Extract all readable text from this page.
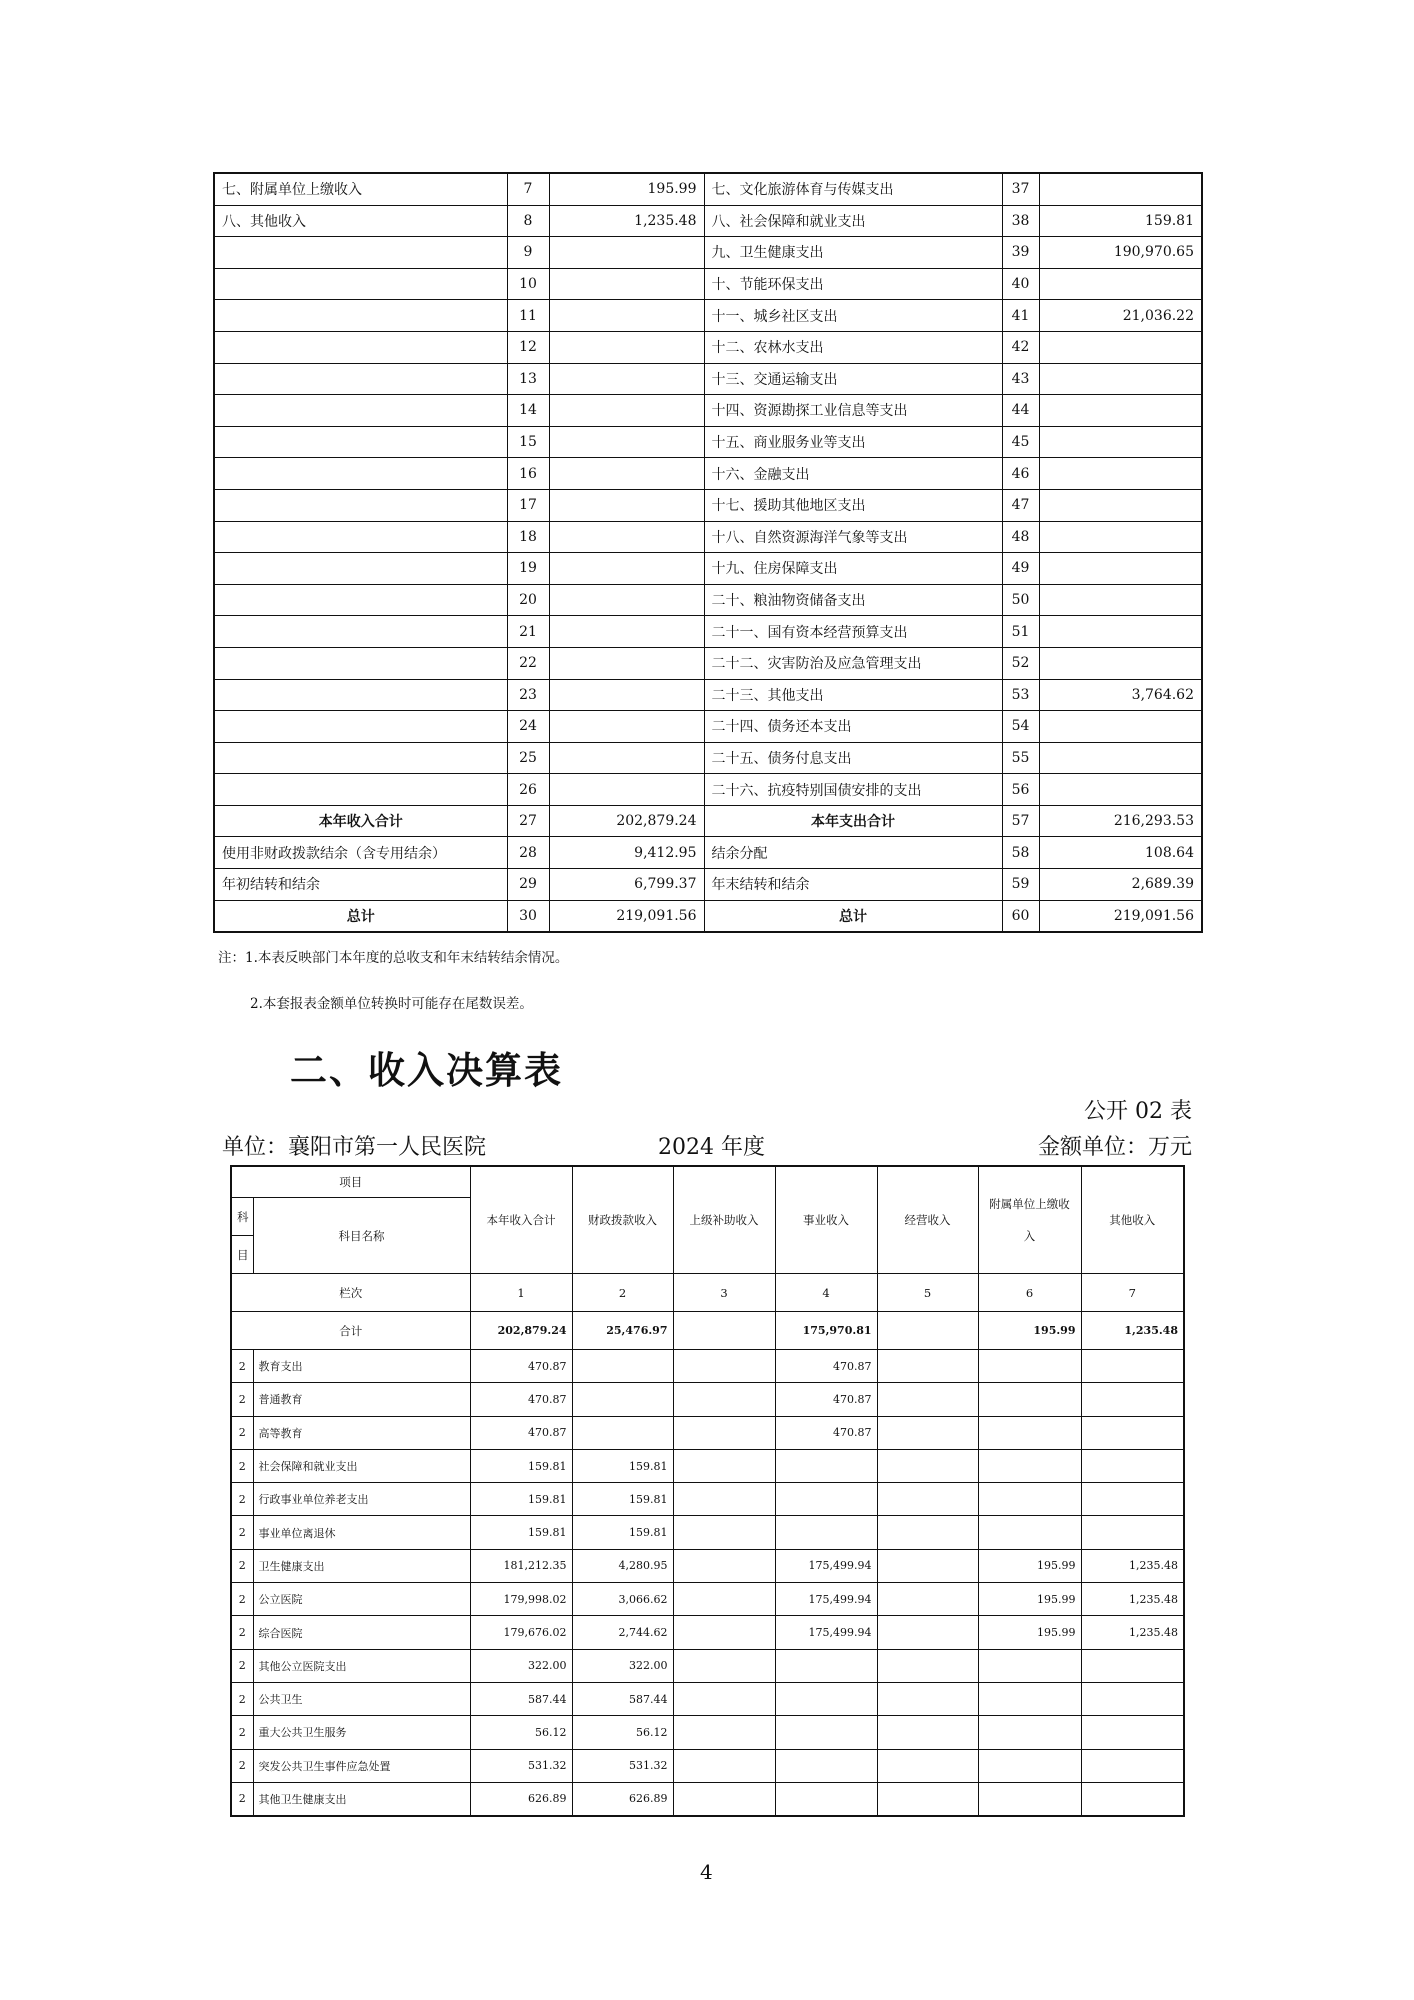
七、附属单位上缴收入	7	195.99	七、文化旅游体育与传媒支出	37	
八、其他收入	8	1,235.48	八、社会保障和就业支出	38	159.81
	9		九、卫生健康支出	39	190,970.65
	10		十、节能环保支出	40	
	11		十一、城乡社区支出	41	21,036.22
	12		十二、农林水支出	42	
	13		十三、交通运输支出	43	
	14		十四、资源勘探工业信息等支出	44	
	15		十五、商业服务业等支出	45	
	16		十六、金融支出	46	
	17		十七、援助其他地区支出	47	
	18		十八、自然资源海洋气象等支出	48	
	19		十九、住房保障支出	49	
	20		二十、粮油物资储备支出	50	
	21		二十一、国有资本经营预算支出	51	
	22		二十二、灾害防治及应急管理支出	52	
	23		二十三、其他支出	53	3,764.62
	24		二十四、债务还本支出	54	
	25		二十五、债务付息支出	55	
	26		二十六、抗疫特别国债安排的支出	56	
本年收入合计	27	202,879.24	本年支出合计	57	216,293.53
使用非财政拨款结余（含专用结余）	28	9,412.95	结余分配	58	108.64
年初结转和结余	29	6,799.37	年末结转和结余	59	2,689.39
总计	30	219,091.56	总计	60	219,091.56
注：1.本表反映部门本年度的总收支和年末结转结余情况。
2.本套报表金额单位转换时可能存在尾数误差。
二、收入决算表
公开 02 表
单位：襄阳市第一人民医院	2024 年度	金额单位：万元
项目		本年收入合计	财政拨款收入	上级补助收入	事业收入	经营收入	附属单位上缴收
入	其他收入
科	科目名称							
目								
栏次		1	2	3	4	5	6	7
合计		202,879.24	25,476.97		175,970.81		195.99	1,235.48
2	教育支出	470.87			470.87			
2	普通教育	470.87			470.87			
2	高等教育	470.87			470.87			
2	社会保障和就业支出	159.81	159.81					
2	行政事业单位养老支出	159.81	159.81					
2	事业单位离退休	159.81	159.81					
2	卫生健康支出	181,212.35	4,280.95		175,499.94		195.99	1,235.48
2	公立医院	179,998.02	3,066.62		175,499.94		195.99	1,235.48
2	综合医院	179,676.02	2,744.62		175,499.94		195.99	1,235.48
2	其他公立医院支出	322.00	322.00					
2	公共卫生	587.44	587.44					
2	重大公共卫生服务	56.12	56.12					
2	突发公共卫生事件应急处置	531.32	531.32					
2	其他卫生健康支出	626.89	626.89					
4
